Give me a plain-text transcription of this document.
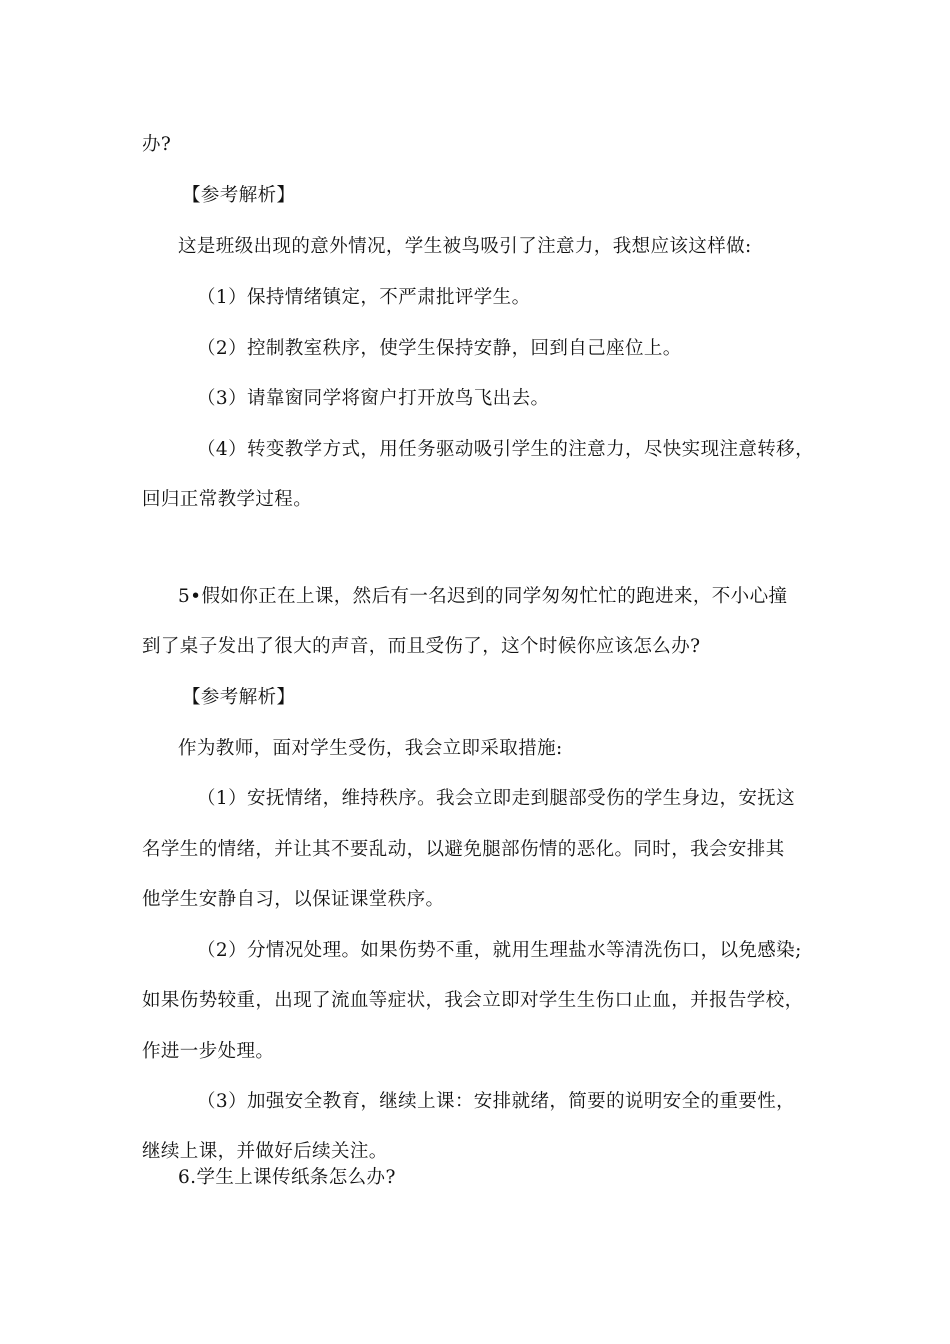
办?
【参考解析】
这是班级出现的意外情况，学生被鸟吸引了注意力，我想应该这样做:
（1）保持情绪镇定，不严肃批评学生。
（2）控制教室秩序，使学生保持安静，回到自己座位上。
（3）请靠窗同学将窗户打开放鸟飞出去。
（4）转变教学方式，用任务驱动吸引学生的注意力，尽快实现注意转移，
回归正常教学过程。
5•假如你正在上课，然后有一名迟到的同学匆匆忙忙的跑进来，不小心撞
到了桌子发出了很大的声音，而且受伤了，这个时候你应该怎么办?
【参考解析】
作为教师，面对学生受伤，我会立即采取措施:
（1）安抚情绪，维持秩序。我会立即走到腿部受伤的学生身边，安抚这
名学生的情绪，并让其不要乱动，以避免腿部伤情的恶化。同时，我会安排其
他学生安静自习，以保证课堂秩序。
（2）分情况处理。如果伤势不重，就用生理盐水等清洗伤口，以免感染;
如果伤势较重，出现了流血等症状，我会立即对学生生伤口止血，并报告学校，
作进一步处理。
（3）加强安全教育，继续上课：安排就绪，简要的说明安全的重要性，
继续上课，并做好后续关注。
6.学生上课传纸条怎么办?
